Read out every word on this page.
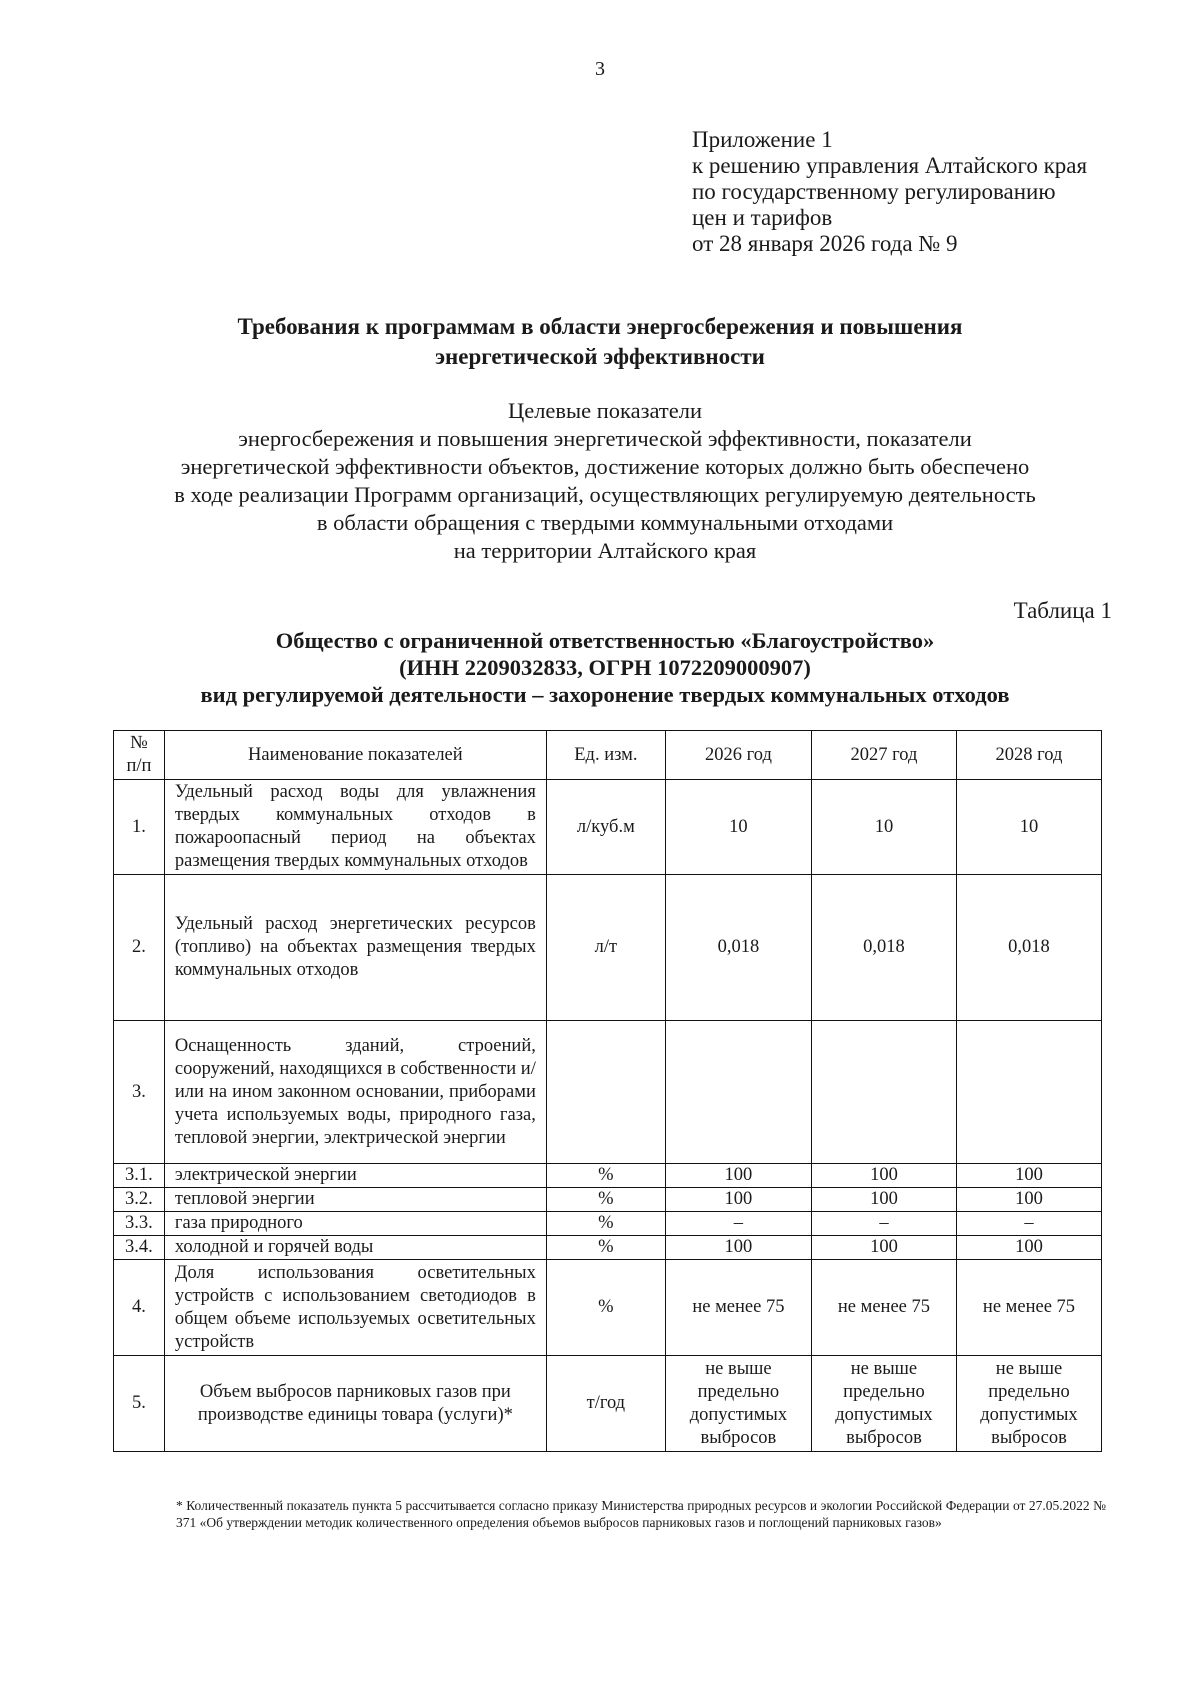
3
Приложение 1
к решению управления Алтайского края
по государственному регулированию
цен и тарифов
от 28 января 2026 года № 9
Требования к программам в области энергосбережения и повышения
энергетической эффективности
Целевые показатели
энергосбережения и повышения энергетической эффективности, показатели
энергетической эффективности объектов, достижение которых должно быть обеспечено
в ходе реализации Программ организаций, осуществляющих регулируемую деятельность
в области обращения с твердыми коммунальными отходами
на территории Алтайского края
Таблица 1
Общество с ограниченной ответственностью «Благоустройство»
(ИНН 2209032833, ОГРН 1072209000907)
вид регулируемой деятельности – захоронение твердых коммунальных отходов
№
п/п	Наименование показателей	Ед. изм.	2026 год	2027 год	2028 год
1.	Удельный расход воды для увлажнения твердых коммунальных отходов в пожароопасный период на объектах размещения твердых коммунальных отходов	л/куб.м	10	10	10
2.	Удельный расход энергетических ресурсов (топливо) на объектах размещения твердых коммунальных отходов	л/т	0,018	0,018	0,018
3.	Оснащенность зданий, строений, сооружений, находящихся в собственности и/или на ином законном основании, приборами учета используемых воды, природного газа, тепловой энергии, электрической энергии				
3.1.	электрической энергии	%	100	100	100
3.2.	тепловой энергии	%	100	100	100
3.3.	газа природного	%	–	–	–
3.4.	холодной и горячей воды	%	100	100	100
4.	Доля использования осветительных устройств с использованием светодиодов в общем объеме используемых осветительных устройств	%	не менее 75	не менее 75	не менее 75
5.	Объем выбросов парниковых газов при производстве единицы товара (услуги)*	т/год	не выше предельно допустимых выбросов	не выше предельно допустимых выбросов	не выше предельно допустимых выбросов
* Количественный показатель пункта 5 рассчитывается согласно приказу Министерства природных ресурсов и экологии Российской Федерации от 27.05.2022 № 371 «Об утверждении методик количественного определения объемов выбросов парниковых газов и поглощений парниковых газов»
